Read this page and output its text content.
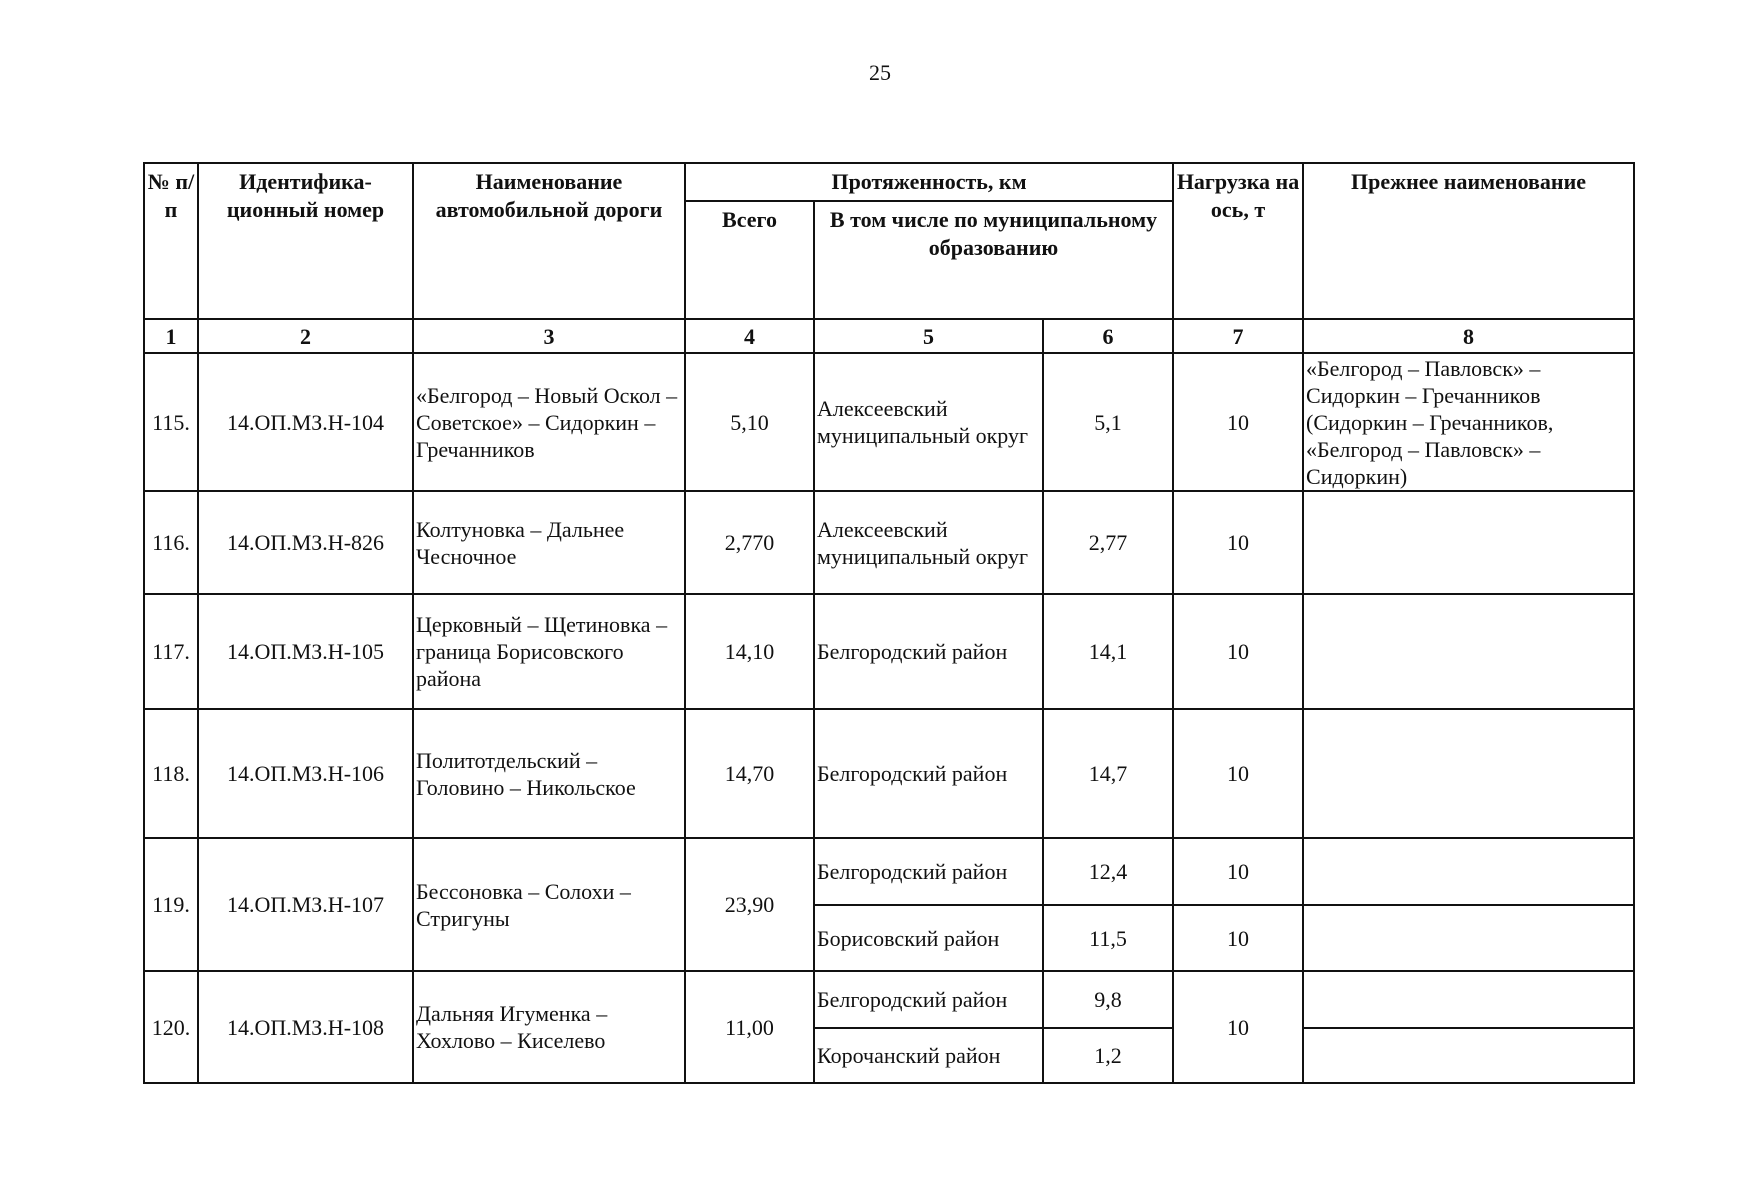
25
№ п/п	Идентифика-ционный номер	Наименование автомобильной дороги	Протяженность, км			Нагрузка на ось, т	Прежнее наименование
			Всего	В том числе по муниципальному образованию			
1	2	3	4	5	6	7	8
115.	14.ОП.МЗ.Н-104	«Белгород – Новый Оскол – Советское» – Сидоркин – Гречанников	5,10	Алексеевский муниципальный округ	5,1	10	«Белгород – Павловск» – Сидоркин – Гречанников (Сидоркин – Гречанников, «Белгород – Павловск» – Сидоркин)
116.	14.ОП.МЗ.Н-826	Колтуновка – Дальнее Чесночное	2,770	Алексеевский муниципальный округ	2,77	10	
117.	14.ОП.МЗ.Н-105	Церковный – Щетиновка – граница Борисовского района	14,10	Белгородский район	14,1	10	
118.	14.ОП.МЗ.Н-106	Политотдельский – Головино – Никольское	14,70	Белгородский район	14,7	10	
119.	14.ОП.МЗ.Н-107	Бессоновка – Солохи – Стригуны	23,90	Белгородский район	12,4	10	
				Борисовский район	11,5	10	
120.	14.ОП.МЗ.Н-108	Дальняя Игуменка – Хохлово – Киселево	11,00	Белгородский район	9,8	10	
				Корочанский район	1,2		
